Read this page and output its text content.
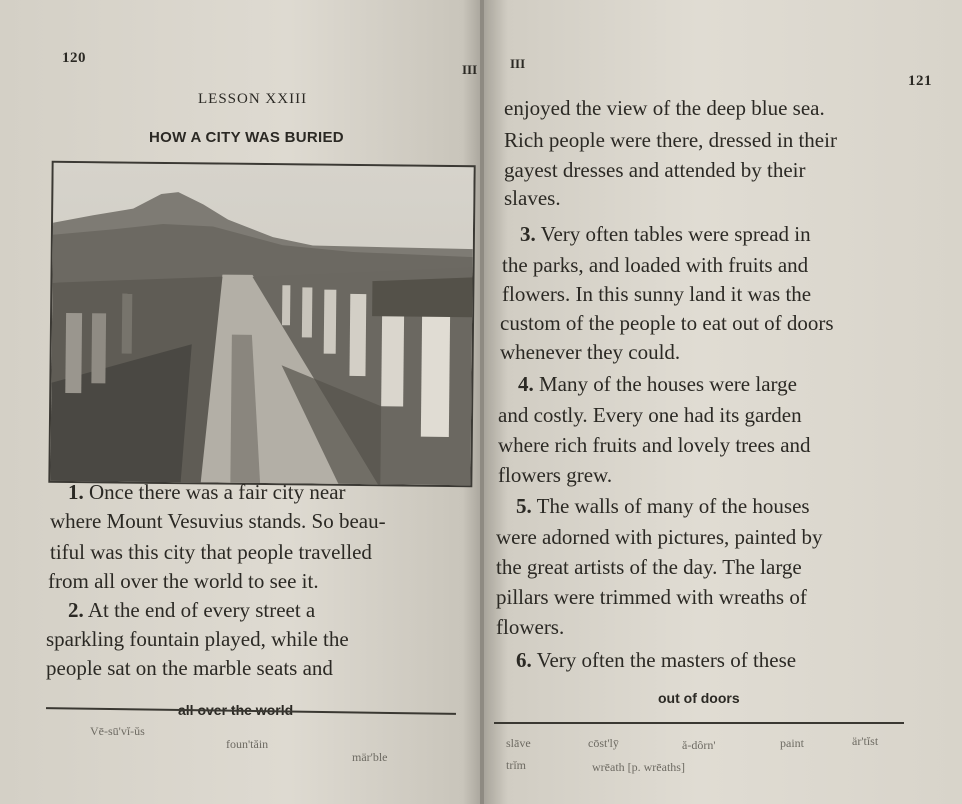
120
III
LESSON XXIII
HOW A CITY WAS BURIED
1. Once there was a fair city near
where Mount Vesuvius stands. So beau-
tiful was this city that people travelled
from all over the world to see it.
2. At the end of every street a
sparkling fountain played, while the
people sat on the marble seats and
Vē-sū'vĭ-ŭs
foun'tăin
mär'ble
III
121
enjoyed the view of the deep blue sea.
Rich people were there, dressed in their
gayest dresses and attended by their
slaves.
3. Very often tables were spread in
the parks, and loaded with fruits and
flowers. In this sunny land it was the
custom of the people to eat out of doors
whenever they could.
4. Many of the houses were large
and costly. Every one had its garden
where rich fruits and lovely trees and
flowers grew.
5. The walls of many of the houses
were adorned with pictures, painted by
the great artists of the day. The large
pillars were trimmed with wreaths of
flowers.
6. Very often the masters of these
out of doors
slāve	cōst'lȳ	ă-dôrn'	paint	är'tĭst
trĭm	wrēath [p. wrēaths]
